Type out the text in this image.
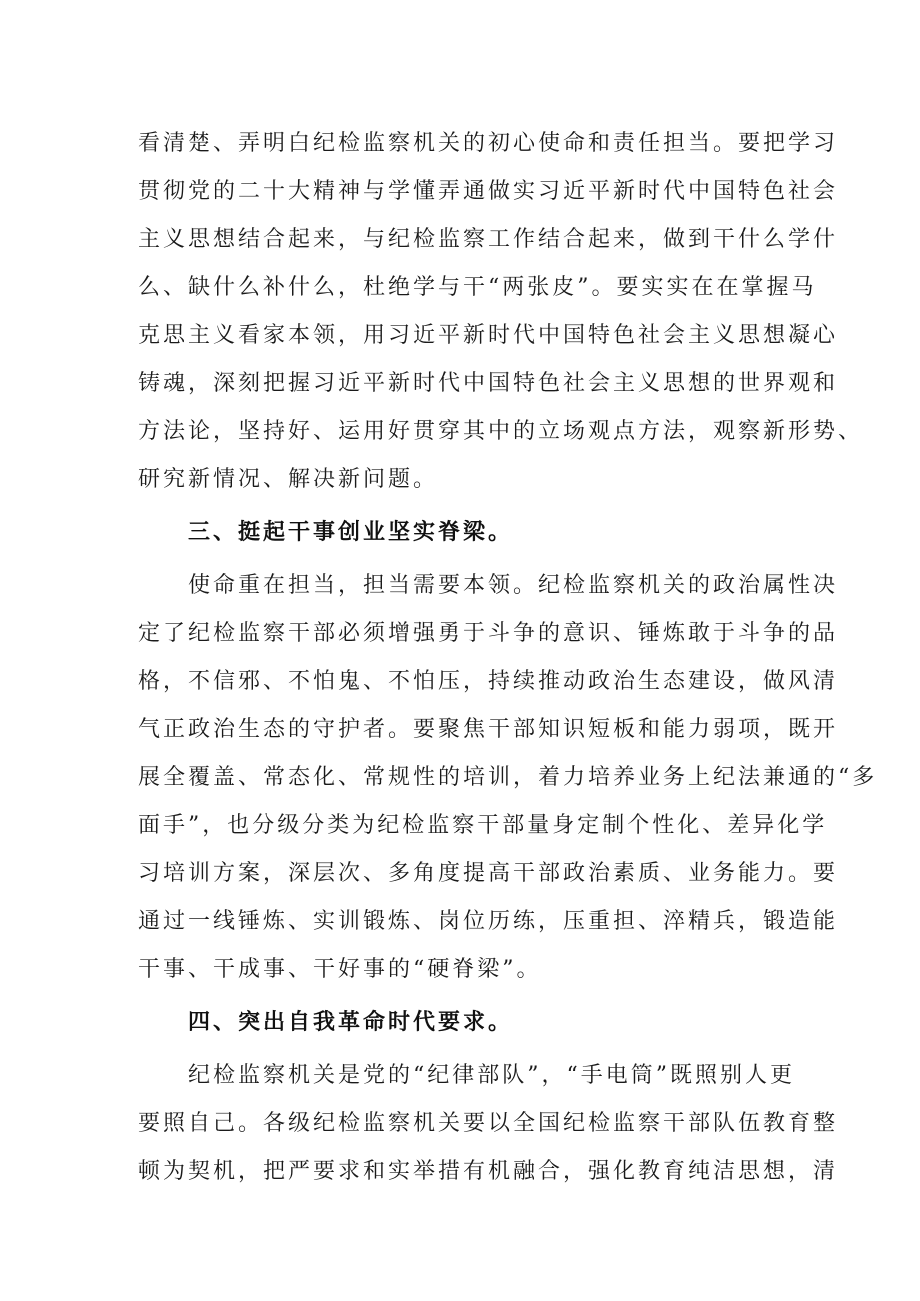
看清楚、弄明白纪检监察机关的初心使命和责任担当。要把学习
贯彻党的二十大精神与学懂弄通做实习近平新时代中国特色社会
主义思想结合起来，与纪检监察工作结合起来，做到干什么学什
么、缺什么补什么，杜绝学与干“两张皮”。要实实在在掌握马
克思主义看家本领，用习近平新时代中国特色社会主义思想凝心
铸魂，深刻把握习近平新时代中国特色社会主义思想的世界观和
方法论，坚持好、运用好贯穿其中的立场观点方法，观察新形势、
研究新情况、解决新问题。
三、挺起干事创业坚实脊梁。
使命重在担当，担当需要本领。纪检监察机关的政治属性决
定了纪检监察干部必须增强勇于斗争的意识、锤炼敢于斗争的品
格，不信邪、不怕鬼、不怕压，持续推动政治生态建设，做风清
气正政治生态的守护者。要聚焦干部知识短板和能力弱项，既开
展全覆盖、常态化、常规性的培训，着力培养业务上纪法兼通的“多
面手”，也分级分类为纪检监察干部量身定制个性化、差异化学
习培训方案，深层次、多角度提高干部政治素质、业务能力。要
通过一线锤炼、实训锻炼、岗位历练，压重担、淬精兵，锻造能
干事、干成事、干好事的“硬脊梁”。
四、突出自我革命时代要求。
纪检监察机关是党的“纪律部队”，“手电筒”既照别人更
要照自己。各级纪检监察机关要以全国纪检监察干部队伍教育整
顿为契机，把严要求和实举措有机融合，强化教育纯洁思想，清
